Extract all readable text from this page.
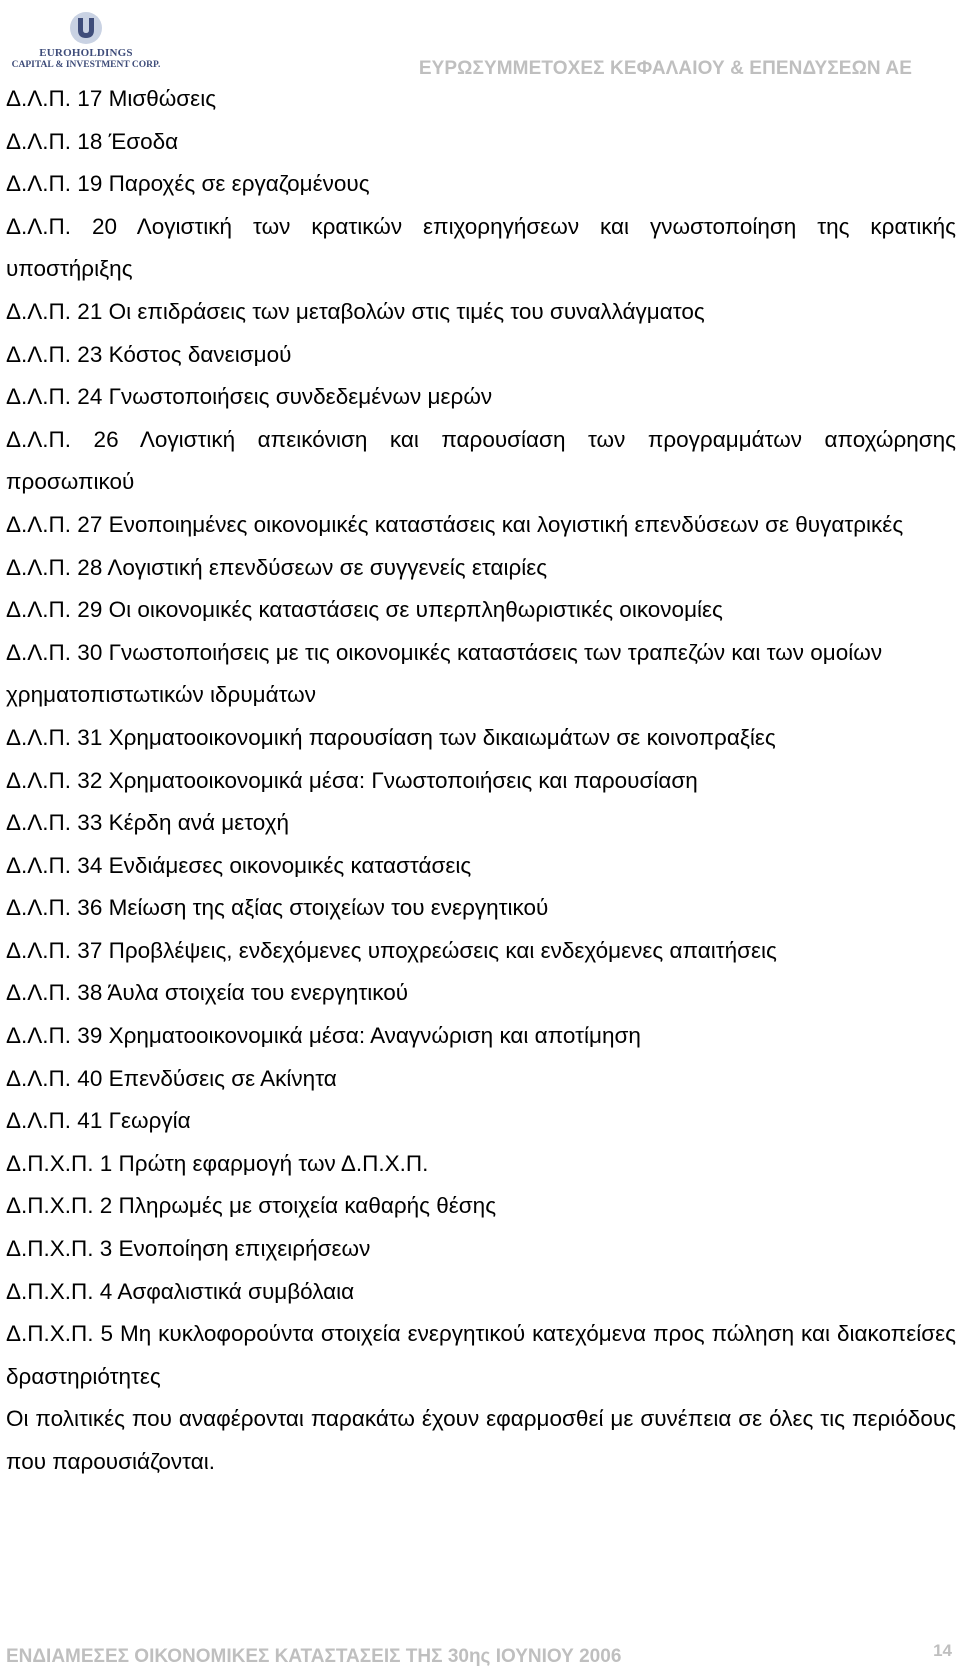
EUROHOLDINGS
CAPITAL & INVESTMENT CORP.	ΕΥΡΩΣΥΜΜΕΤΟΧΕΣ ΚΕΦΑΛΑΙΟΥ & ΕΠΕΝΔΥΣΕΩΝ ΑΕ

Δ.Λ.Π. 17 Μισθώσεις

Δ.Λ.Π. 18 Έσοδα

Δ.Λ.Π. 19 Παροχές σε εργαζομένους

Δ.Λ.Π. 20 Λογιστική των κρατικών επιχορηγήσεων και γνωστοποίηση της κρατικής υποστήριξης

Δ.Λ.Π. 21 Οι επιδράσεις των μεταβολών στις τιμές του συναλλάγματος

Δ.Λ.Π. 23 Κόστος δανεισμού

Δ.Λ.Π. 24 Γνωστοποιήσεις συνδεδεμένων μερών

Δ.Λ.Π. 26 Λογιστική απεικόνιση και παρουσίαση των προγραμμάτων αποχώρησης προσωπικού

Δ.Λ.Π. 27 Ενοποιημένες οικονομικές καταστάσεις και λογιστική επενδύσεων σε θυγατρικές

Δ.Λ.Π. 28 Λογιστική επενδύσεων σε συγγενείς εταιρίες

Δ.Λ.Π. 29 Οι οικονομικές καταστάσεις σε υπερπληθωριστικές οικονομίες

Δ.Λ.Π. 30 Γνωστοποιήσεις με τις οικονομικές καταστάσεις των τραπεζών και των ομοίων

χρηματοπιστωτικών ιδρυμάτων

Δ.Λ.Π. 31 Χρηματοοικονομική παρουσίαση των δικαιωμάτων σε κοινοπραξίες

Δ.Λ.Π. 32 Χρηματοοικονομικά μέσα: Γνωστοποιήσεις και παρουσίαση

Δ.Λ.Π. 33 Κέρδη ανά μετοχή

Δ.Λ.Π. 34 Ενδιάμεσες οικονομικές καταστάσεις

Δ.Λ.Π. 36 Μείωση της αξίας στοιχείων του ενεργητικού

Δ.Λ.Π. 37 Προβλέψεις, ενδεχόμενες υποχρεώσεις και ενδεχόμενες απαιτήσεις

Δ.Λ.Π. 38 Άυλα στοιχεία του ενεργητικού

Δ.Λ.Π. 39 Χρηματοοικονομικά μέσα: Αναγνώριση και αποτίμηση

Δ.Λ.Π. 40 Επενδύσεις σε Ακίνητα

Δ.Λ.Π. 41 Γεωργία

Δ.Π.Χ.Π. 1 Πρώτη εφαρμογή των Δ.Π.Χ.Π.

Δ.Π.Χ.Π. 2 Πληρωμές με στοιχεία καθαρής θέσης

Δ.Π.Χ.Π. 3 Ενοποίηση επιχειρήσεων

Δ.Π.Χ.Π. 4 Ασφαλιστικά συμβόλαια

Δ.Π.Χ.Π. 5 Μη κυκλοφορούντα στοιχεία ενεργητικού κατεχόμενα προς πώληση και διακοπείσες δραστηριότητες

Οι πολιτικές που αναφέρονται παρακάτω έχουν εφαρμοσθεί με συνέπεια σε όλες τις περιόδους που παρουσιάζονται.

ΕΝΔΙΑΜΕΣΕΣ ΟΙΚΟΝΟΜΙΚΕΣ ΚΑΤΑΣΤΑΣΕΙΣ ΤΗΣ 30ης ΙΟΥΝΙΟΥ 2006	14
